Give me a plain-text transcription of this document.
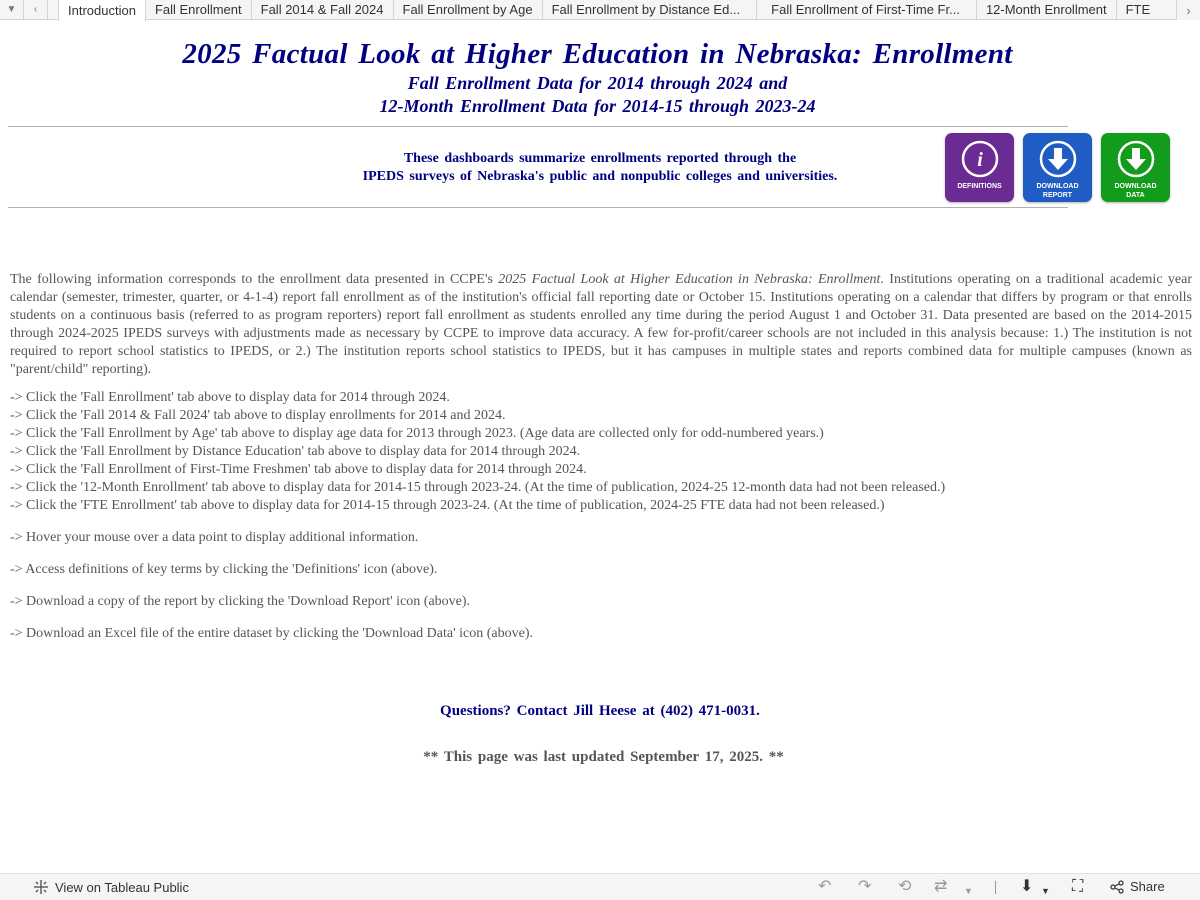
▼	‹	Introduction	Fall Enrollment	Fall 2014 & Fall 2024	Fall Enrollment by Age	Fall Enrollment by Distance Ed...	Fall Enrollment of First-Time Fr...	12-Month Enrollment	FTE	›
2025 Factual Look at Higher Education in Nebraska: Enrollment
Fall Enrollment Data for 2014 through 2024 and
12-Month Enrollment Data for 2014-15 through 2023-24
These dashboards summarize enrollments reported through the
IPEDS surveys of Nebraska's public and nonpublic colleges and universities.
i
DEFINITIONS	DOWNLOAD
REPORT
DOWNLOAD
DATA

The following information corresponds to the enrollment data presented in CCPE's 2025 Factual Look at Higher Education in Nebraska: Enrollment. Institutions operating on a traditional academic year calendar (semester, trimester, quarter, or 4-1-4) report fall enrollment as of the institution's official fall reporting date or October 15. Institutions operating on a calendar that differs by program or that enrolls students on a continuous basis (referred to as program reporters) report fall enrollment as students enrolled any time during the period August 1 and October 31. Data presented are based on the 2014-2015 through 2024-2025 IPEDS surveys with adjustments made as necessary by CCPE to improve data accuracy. A few for-profit/career schools are not included in this analysis because: 1.) The institution is not required to report school statistics to IPEDS, or 2.) The institution reports school statistics to IPEDS, but it has campuses in multiple states and reports combined data for multiple campuses (known as "parent/child" reporting).

-> Click the 'Fall Enrollment' tab above to display data for 2014 through 2024.
-> Click the 'Fall 2014 & Fall 2024' tab above to display enrollments for 2014 and 2024.
-> Click the 'Fall Enrollment by Age' tab above to display age data for 2013 through 2023. (Age data are collected only for odd-numbered years.)
-> Click the 'Fall Enrollment by Distance Education' tab above to display data for 2014 through 2024.
-> Click the 'Fall Enrollment of First-Time Freshmen' tab above to display data for 2014 through 2024.
-> Click the '12-Month Enrollment' tab above to display data for 2014-15 through 2023-24. (At the time of publication, 2024-25 12-month data had not been released.)
-> Click the 'FTE Enrollment' tab above to display data for 2014-15 through 2023-24. (At the time of publication, 2024-25 FTE data had not been released.)
-> Hover your mouse over a data point to display additional information.
-> Access definitions of key terms by clicking the 'Definitions' icon (above).
-> Download a copy of the report by clicking the 'Download Report' icon (above).
-> Download an Excel file of the entire dataset by clicking the 'Download Data' icon (above).
Questions? Contact Jill Heese at (402) 471-0031.
** This page was last updated September 17, 2025. **
View on Tableau Public	↶ ↷ ⟲ ⇄ ▼	⬇ ▼ ⛶	Share
